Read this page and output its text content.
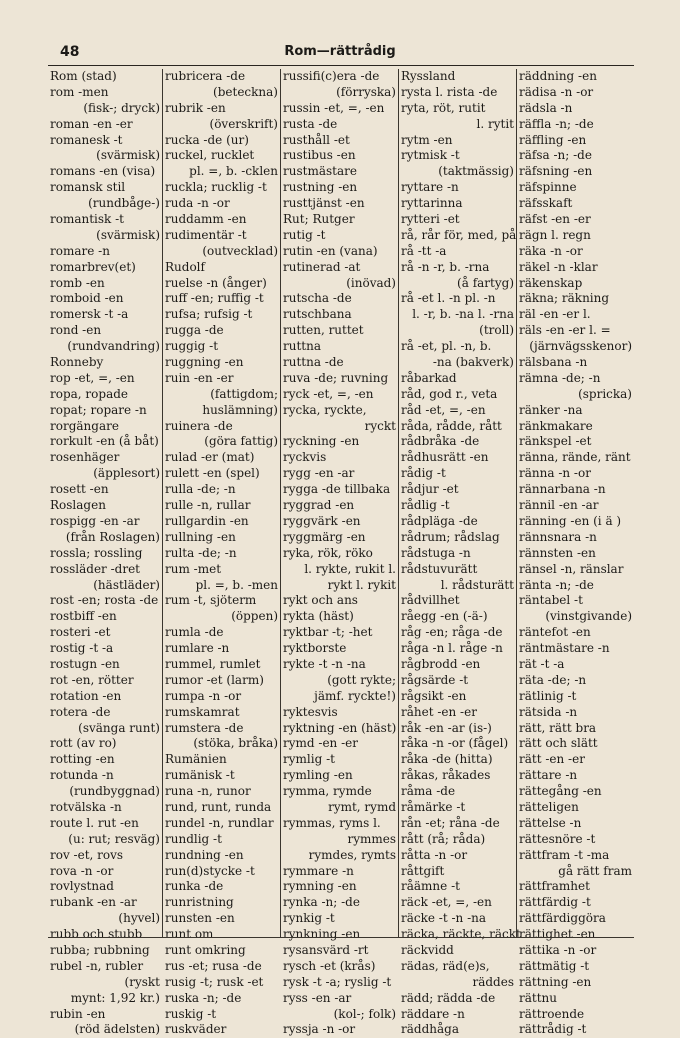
48	Rom—rättrådig
Rom (stad)
rom -men
(fisk-; dryck)
roman -en -er
romanesk -t
(svärmisk)
romans -en (visa)
romansk stil
(rundbåge-)
romantisk -t
(svärmisk)
romare -n
romarbrev(et)
romb -en
romboid -en
romersk -t -a
rond -en
(rundvandring)
Ronneby
rop -et, =, -en
ropa, ropade
ropat; ropare -n
rorgängare
rorkult -en (å båt)
rosenhäger
(äpplesort)
rosett -en
Roslagen
rospigg -en -ar
(från Roslagen)
rossla; rossling
rossläder -dret
(hästläder)
rost -en; rosta -de
rostbiff -en
rosteri -et
rostig -t -a
rostugn -en
rot -en, rötter
rotation -en
rotera -de
(svänga runt)
rott (av ro)
rotting -en
rotunda -n
(rundbyggnad)
rotvälska -n
route l. rut -en
(u: rut; resväg)
rov -et, rovs
rova -n -or
rovlystnad
rubank -en -ar
(hyvel)
rubb och stubb
rubba; rubbning
rubel -n, rubler
(ryskt
mynt: 1,92 kr.)
rubin -en
(röd ädelsten)
rubricera -de
(beteckna)
rubrik -en
(överskrift)
rucka -de (ur)
ruckel, rucklet
pl. =, b. -cklen
ruckla; rucklig -t
ruda -n -or
ruddamm -en
rudimentär -t
(outvecklad)
Rudolf
ruelse -n (ånger)
ruff -en; ruffig -t
rufsa; rufsig -t
rugga -de
ruggig -t
ruggning -en
ruin -en -er
(fattigdom;
huslämning)
ruinera -de
(göra fattig)
rulad -er (mat)
rulett -en (spel)
rulla -de; -n
rulle -n, rullar
rullgardin -en
rullning -en
rulta -de; -n
rum -met
pl. =, b. -men
rum -t, sjöterm
(öppen)
rumla -de
rumlare -n
rummel, rumlet
rumor -et (larm)
rumpa -n -or
rumskamrat
rumstera -de
(stöka, bråka)
Rumänien
rumänisk -t
runa -n, runor
rund, runt, runda
rundel -n, rundlar
rundlig -t
rundning -en
run(d)stycke -t
runka -de
runristning
runsten -en
runt om
runt omkring
rus -et; rusa -de
rusig -t; rusk -et
ruska -n; -de
ruskig -t
ruskväder
russifi(c)era -de
(förryska)
russin -et, =, -en
rusta -de
rusthåll -et
rustibus -en
rustmästare
rustning -en
rusttjänst -en
Rut; Rutger
rutig -t
rutin -en (vana)
rutinerad -at
(inövad)
rutscha -de
rutschbana
rutten, ruttet
ruttna
ruttna -de
ruva -de; ruvning
ryck -et, =, -en
rycka, ryckte,
ryckt
ryckning -en
ryckvis
rygg -en -ar
rygga -de tillbaka
ryggrad -en
ryggvärk -en
ryggmärg -en
ryka, rök, röko
l. rykte, rukit l.
rykt l. rykit
rykt och ans
rykta (häst)
ryktbar -t; -het
ryktborste
rykte -t -n -na
(gott rykte;
jämf. ryckte!)
ryktesvis
ryktning -en (häst)
rymd -en -er
rymlig -t
rymling -en
rymma, rymde
rymt, rymd
rymmas, ryms l.
rymmes
rymdes, rymts
rymmare -n
rymning -en
rynka -n; -de
rynkig -t
rynkning -en
rysansvärd -rt
rysch -et (krås)
rysk -t -a; ryslig -t
ryss -en -ar
(kol-; folk)
ryssja -n -or
Ryssland
rysta l. rista -de
ryta, röt, rutit
l. rytit
rytm -en
rytmisk -t
(taktmässig)
ryttare -n
ryttarinna
rytteri -et
rå, rår för, med, på
rå -tt -a
rå -n -r, b. -rna
(å fartyg)
rå -et l. -n pl. -n
l. -r, b. -na l. -rna
(troll)
rå -et, pl. -n, b.
-na (bakverk)
råbarkad
råd, god r., veta
råd -et, =, -en
råda, rådde, rått
rådbråka -de
rådhusrätt -en
rådig -t
rådjur -et
rådlig -t
rådpläga -de
rådrum; rådslag
rådstuga -n
rådstuvurätt
l. rådsturätt
rådvillhet
råegg -en (-ä-)
råg -en; råga -de
råga -n l. råge -n
rågbrodd -en
rågsärde -t
rågsikt -en
råhet -en -er
råk -en -ar (is-)
råka -n -or (fågel)
råka -de (hitta)
råkas, råkades
råma -de
råmärke -t
rån -et; råna -de
rått (rå; råda)
råtta -n -or
råttgift
råämne -t
räck -et, =, -en
räcke -t -n -na
räcka, räckte, räckt
räckvidd
rädas, räd(e)s,
räddes
rädd; rädda -de
räddare -n
räddhåga
räddning -en
rädisa -n -or
rädsla -n
räffla -n; -de
räffling -en
räfsa -n; -de
räfsning -en
räfspinne
räfsskaft
räfst -en -er
rägn l. regn
räka -n -or
räkel -n -klar
räkenskap
räkna; räkning
räl -en -er l.
räls -en -er l. =
(järnvägsskenor)
rälsbana -n
rämna -de; -n
(spricka)
ränker -na
ränkmakare
ränkspel -et
ränna, rände, ränt
ränna -n -or
rännarbana -n
rännil -en -ar
ränning -en (i ä )
rännsnara -n
rännsten -en
ränsel -n, ränslar
ränta -n; -de
räntabel -t
(vinstgivande)
räntefot -en
räntmästare -n
rät -t -a
räta -de; -n
rätlinig -t
rätsida -n
rätt, rätt bra
rätt och slätt
rätt -en -er
rättare -n
rättegång -en
rätteligen
rättelse -n
rättesnöre -t
rättfram -t -ma
gå rätt fram
rättframhet
rättfärdig -t
rättfärdiggöra
rättighet -en
rättika -n -or
rättmätig -t
rättning -en
rättnu
rättroende
rättrådig -t
